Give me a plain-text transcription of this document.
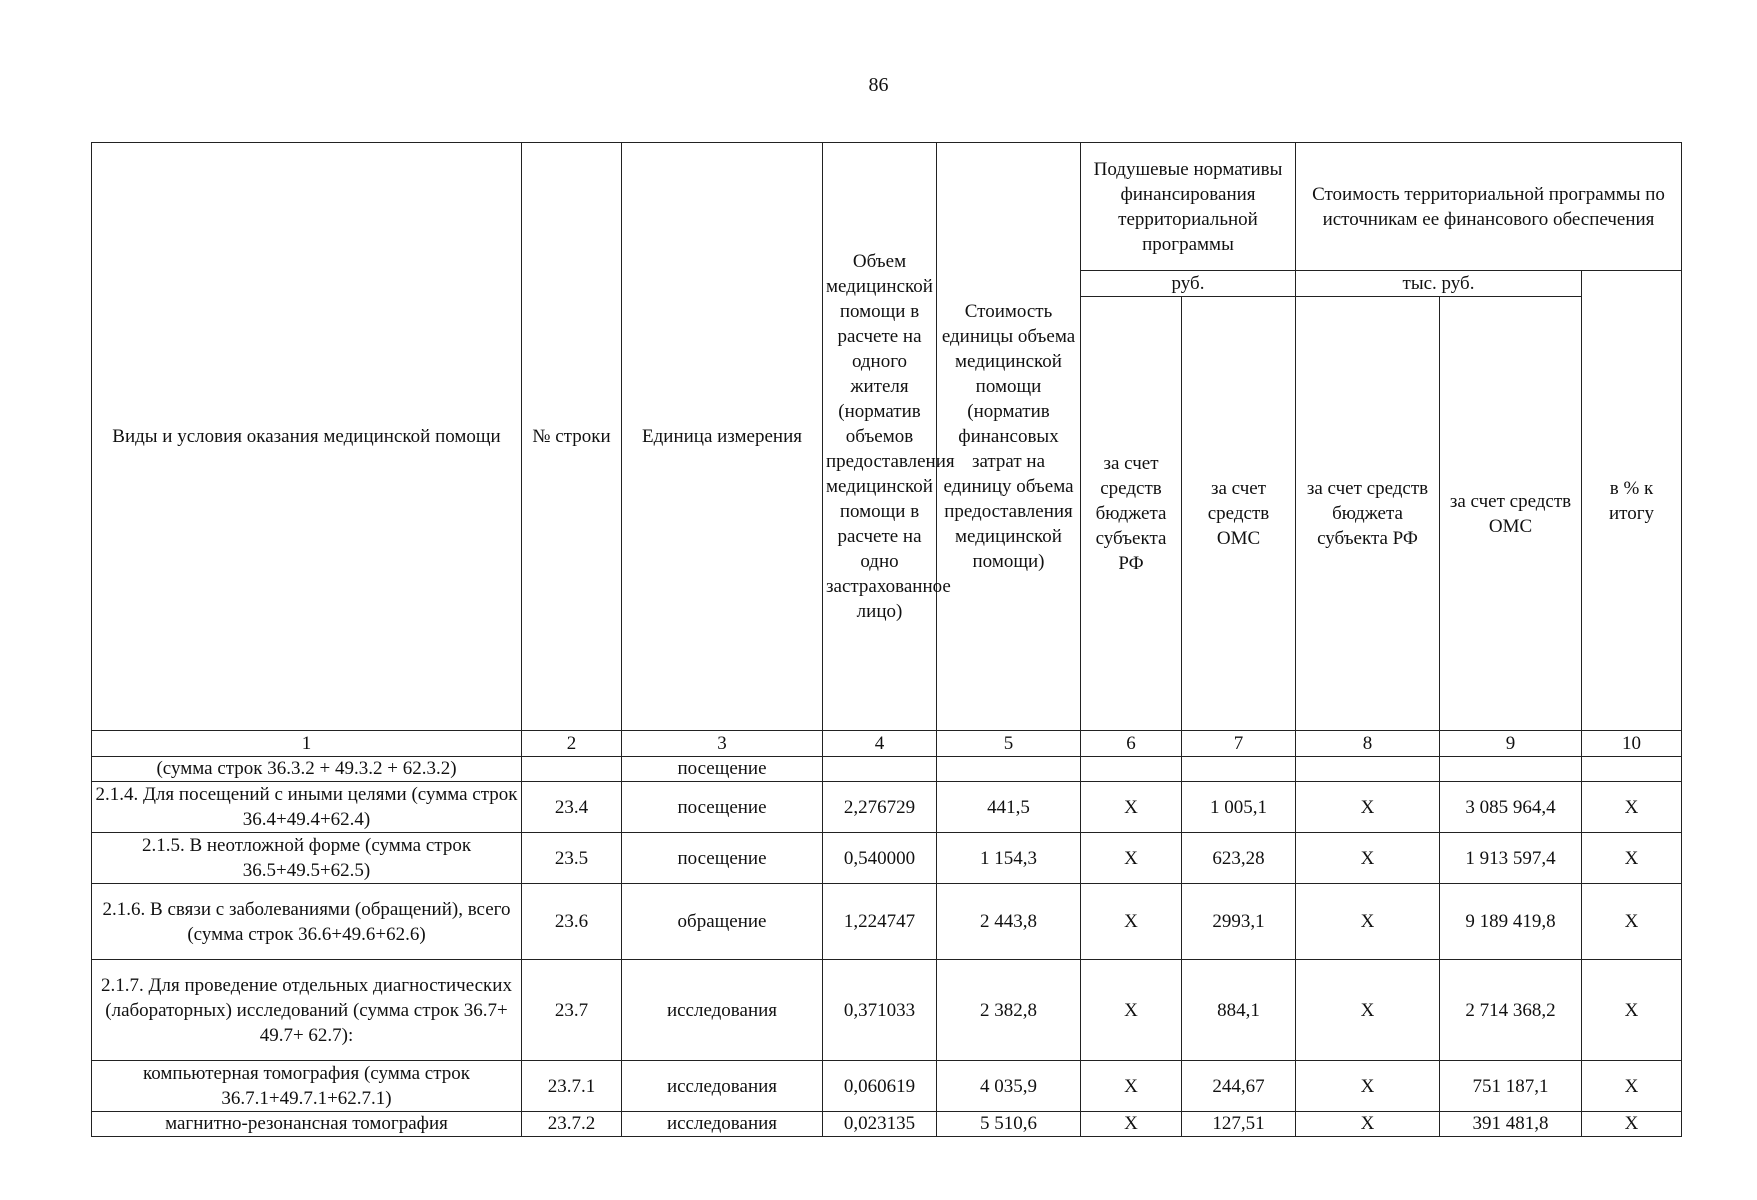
86
Виды и условия оказания медицинской помощи	№ строки	Единица измерения	Объем медицинской помощи в расчете на одного жителя (норматив объемов предоставления медицинской помощи в расчете на одно застрахованное лицо)	Стоимость единицы объема медицинской помощи (норматив финансовых затрат на единицу объема предоставления медицинской помощи)	Подушевые нормативы финансирования территориальной программы		Стоимость территориальной программы по источникам ее финансового обеспечения		
					руб.		тыс. руб.		в % к итогу
					за счет средств бюджета субъекта РФ	за счет средств ОМС	за счет средств бюджета субъекта РФ	за счет средств ОМС	
1	2	3	4	5	6	7	8	9	10
(сумма строк 36.3.2 + 49.3.2 + 62.3.2)		посещение							
2.1.4. Для посещений с иными целями (сумма строк 36.4+49.4+62.4)	23.4	посещение	2,276729	441,5	Х	1 005,1	Х	3 085 964,4	Х
2.1.5. В неотложной форме (сумма строк 36.5+49.5+62.5)	23.5	посещение	0,540000	1 154,3	Х	623,28	Х	1 913 597,4	Х
2.1.6. В связи с заболеваниями (обращений), всего (сумма строк 36.6+49.6+62.6)	23.6	обращение	1,224747	2 443,8	Х	2993,1	Х	9 189 419,8	Х
2.1.7. Для проведение отдельных диагностических (лабораторных) исследований (сумма строк 36.7+ 49.7+ 62.7):	23.7	исследования	0,371033	2 382,8	Х	884,1	Х	2 714 368,2	Х
компьютерная томография (сумма строк 36.7.1+49.7.1+62.7.1)	23.7.1	исследования	0,060619	4 035,9	Х	244,67	Х	751 187,1	Х
магнитно-резонансная томография	23.7.2	исследования	0,023135	5 510,6	Х	127,51	Х	391 481,8	Х
